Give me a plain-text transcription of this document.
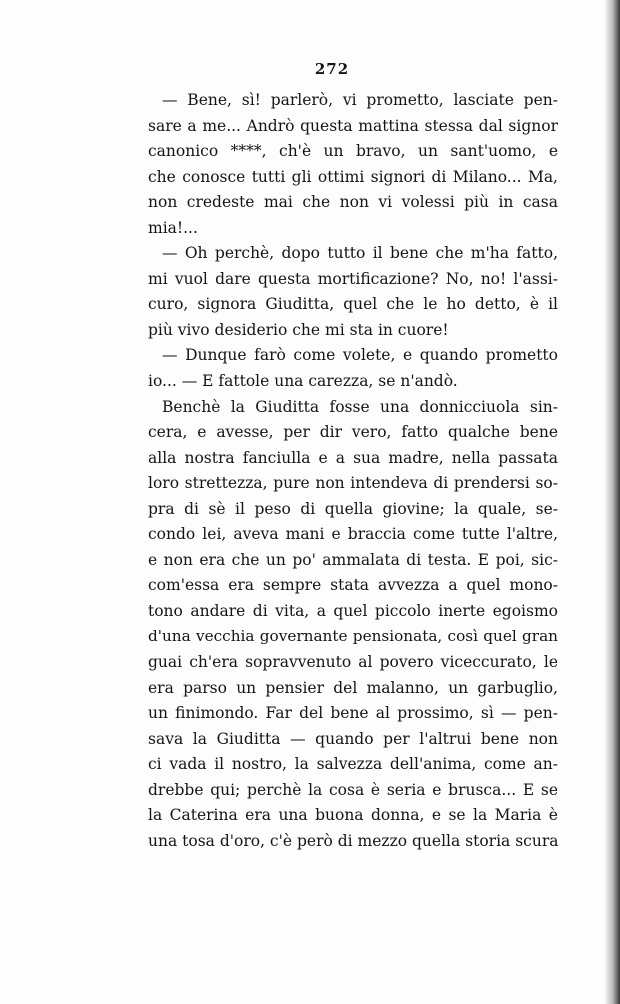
272
— Bene, sì! parlerò, vi prometto, lasciate pen-
sare a me... Andrò questa mattina stessa dal signor
canonico ****, ch'è un bravo, un sant'uomo, e
che conosce tutti gli ottimi signori di Milano... Ma,
non credeste mai che non vi volessi più in casa
mia!...
— Oh perchè, dopo tutto il bene che m'ha fatto,
mi vuol dare questa mortificazione? No, no! l'assi-
curo, signora Giuditta, quel che le ho detto, è il
più vivo desiderio che mi sta in cuore!
— Dunque farò come volete, e quando prometto
io... — E fattole una carezza, se n'andò.
Benchè la Giuditta fosse una donnicciuola sin-
cera, e avesse, per dir vero, fatto qualche bene
alla nostra fanciulla e a sua madre, nella passata
loro strettezza, pure non intendeva di prendersi so-
pra di sè il peso di quella giovine; la quale, se-
condo lei, aveva mani e braccia come tutte l'altre,
e non era che un po' ammalata di testa. E poi, sic-
com'essa era sempre stata avvezza a quel mono-
tono andare di vita, a quel piccolo inerte egoismo
d'una vecchia governante pensionata, così quel gran
guai ch'era sopravvenuto al povero viceccurato, le
era parso un pensier del malanno, un garbuglio,
un finimondo. Far del bene al prossimo, sì — pen-
sava la Giuditta — quando per l'altrui bene non
ci vada il nostro, la salvezza dell'anima, come an-
drebbe qui; perchè la cosa è seria e brusca... E se
la Caterina era una buona donna, e se la Maria è
una tosa d'oro, c'è però di mezzo quella storia scura
